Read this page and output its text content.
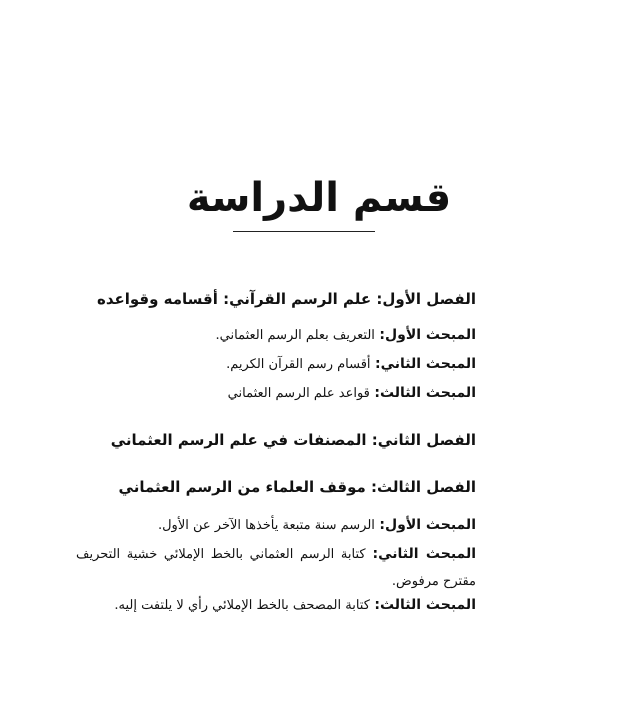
قسم الدراسة
الفصل الأول: علم الرسم القرآني: أقسامه وقواعده
المبحث الأول: التعريف بعلم الرسم العثماني.
المبحث الثاني: أقسام رسم القرآن الكريم.
المبحث الثالث: قواعد علم الرسم العثماني
الفصل الثاني: المصنفات في علم الرسم العثماني
الفصل الثالث: موقف العلماء من الرسم العثماني
المبحث الأول: الرسم سنة متبعة يأخذها الآخر عن الأول.
المبحث الثاني: كتابة الرسم العثماني بالخط الإملائي خشية التحريف مقترح مرفوض.
المبحث الثالث: كتابة المصحف بالخط الإملائي رأي لا يلتفت إليه.
